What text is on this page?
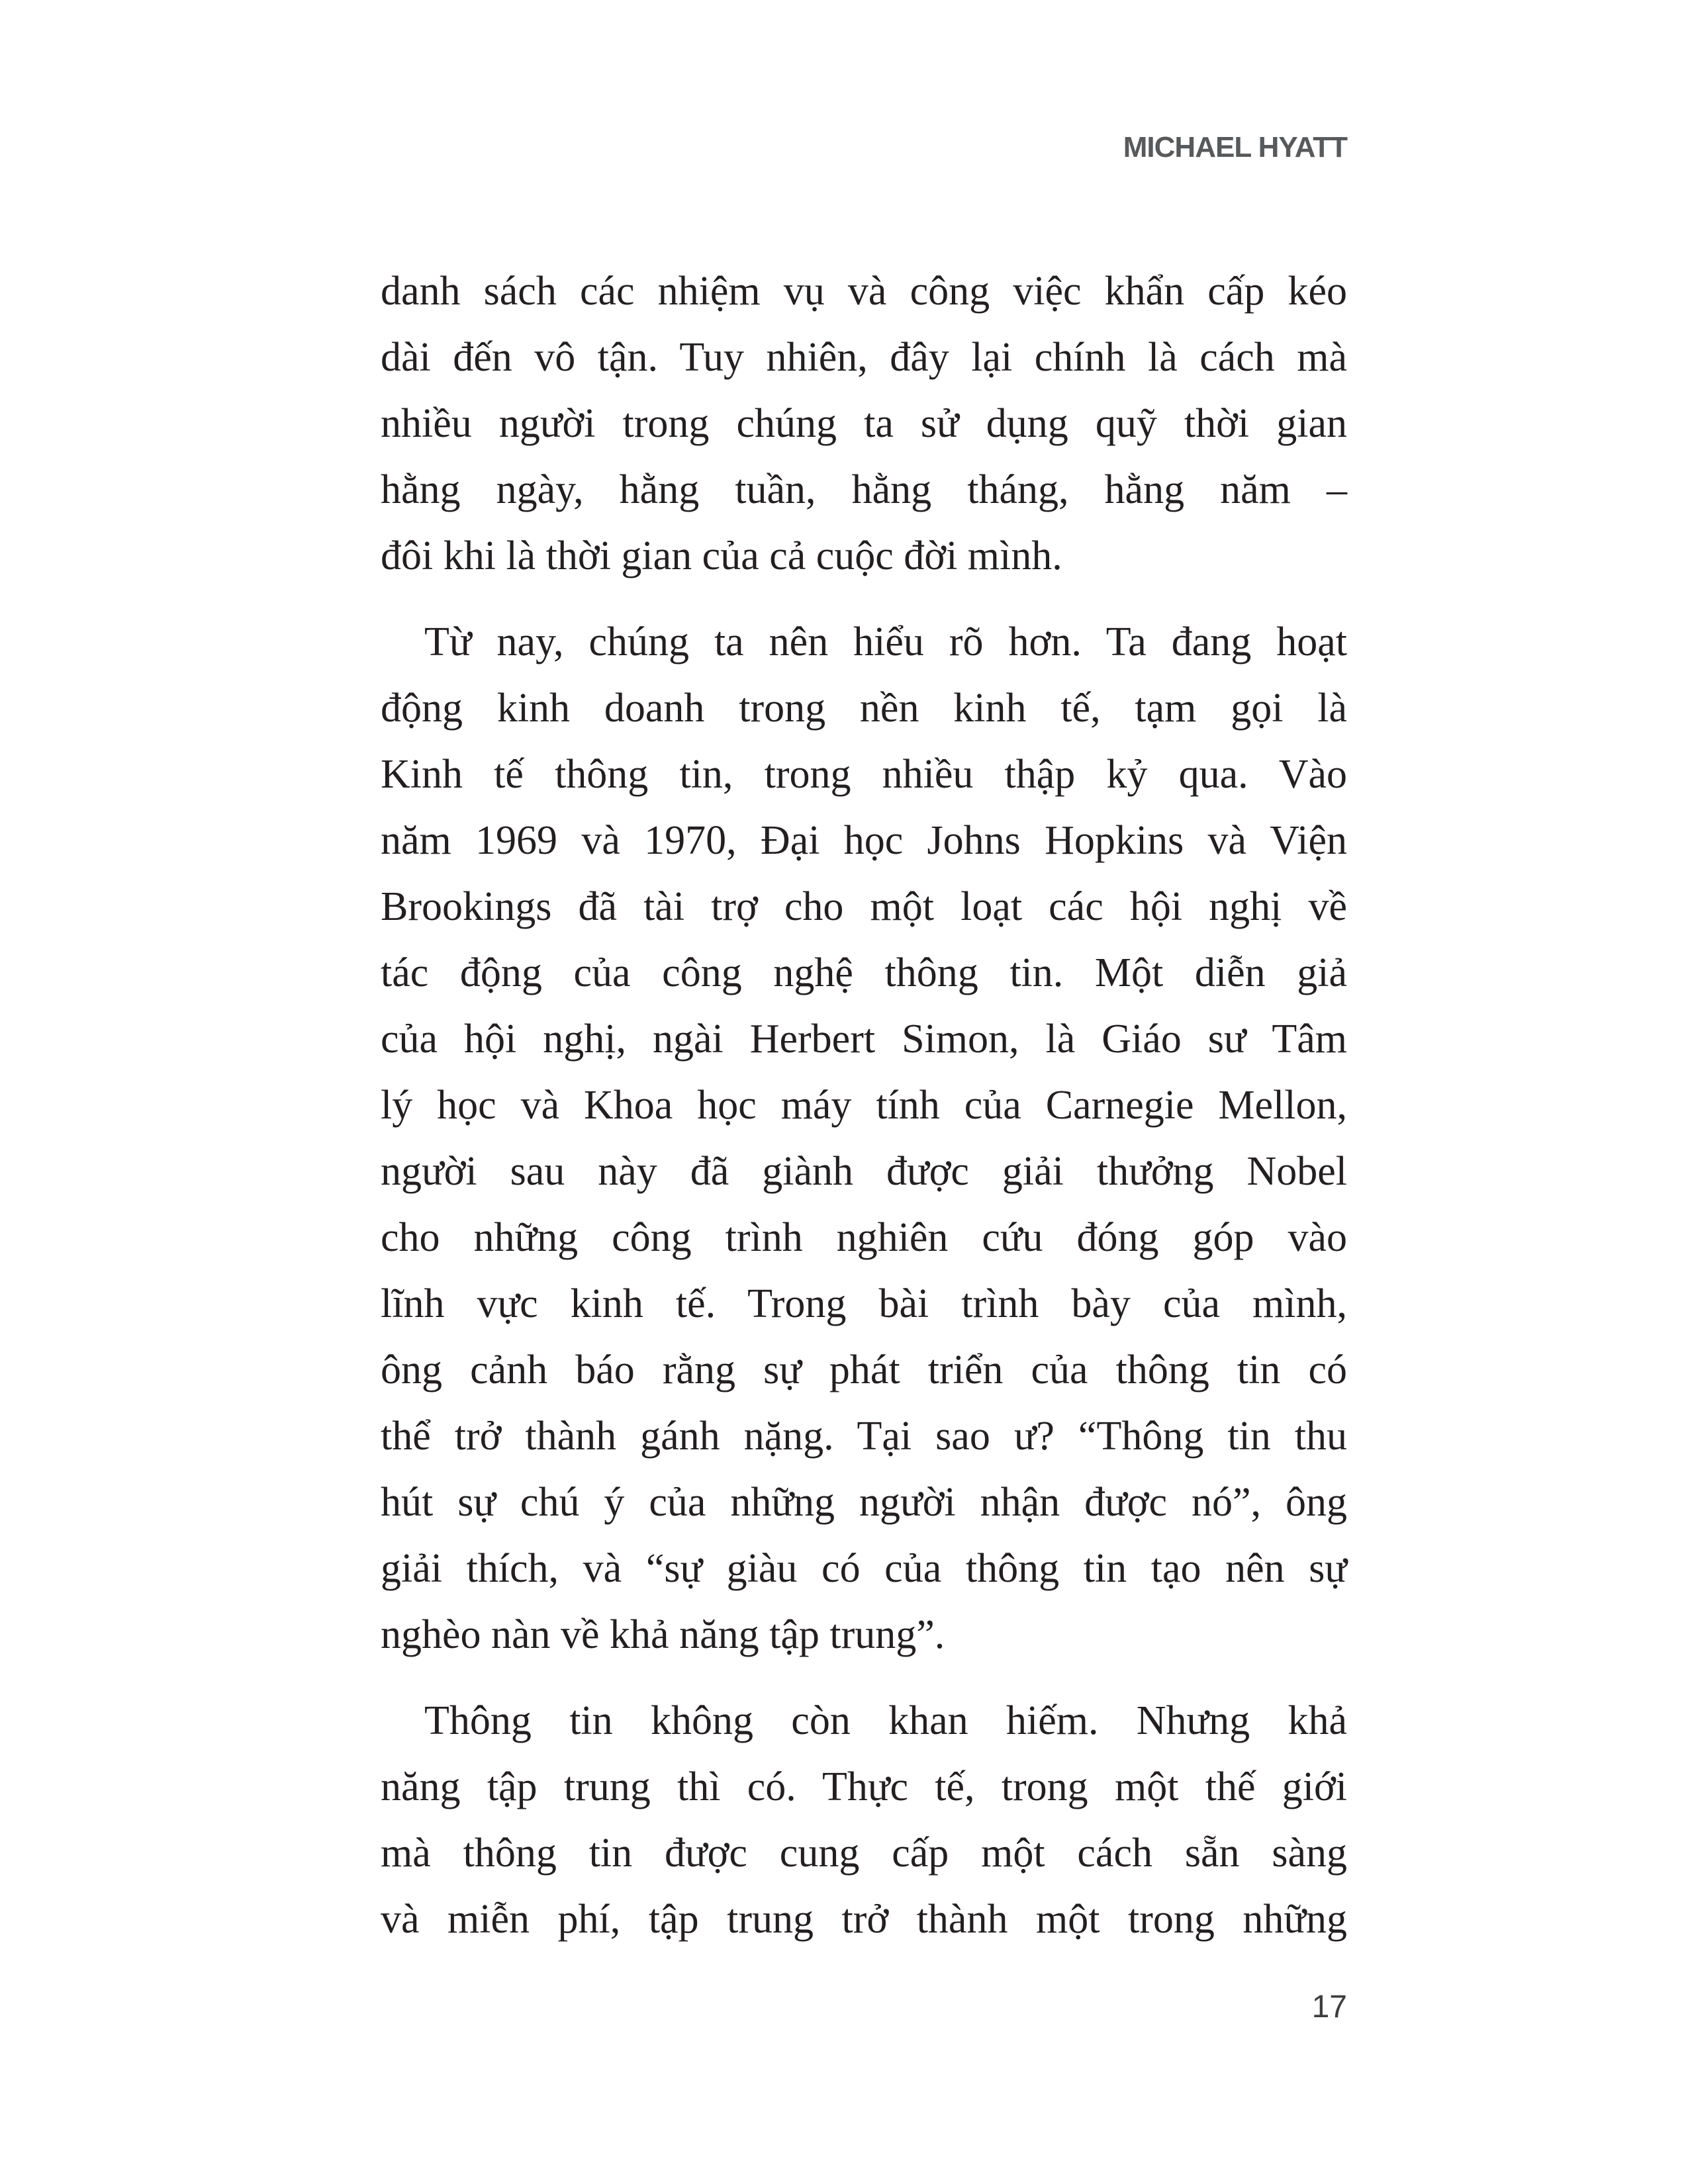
MICHAEL HYATT
danh sách các nhiệm vụ và công việc khẩn cấp kéo
dài đến vô tận. Tuy nhiên, đây lại chính là cách mà
nhiều người trong chúng ta sử dụng quỹ thời gian
hằng ngày, hằng tuần, hằng tháng, hằng năm –
đôi khi là thời gian của cả cuộc đời mình.
Từ nay, chúng ta nên hiểu rõ hơn. Ta đang hoạt
động kinh doanh trong nền kinh tế, tạm gọi là
Kinh tế thông tin, trong nhiều thập kỷ qua. Vào
năm 1969 và 1970, Đại học Johns Hopkins và Viện
Brookings đã tài trợ cho một loạt các hội nghị về
tác động của công nghệ thông tin. Một diễn giả
của hội nghị, ngài Herbert Simon, là Giáo sư Tâm
lý học và Khoa học máy tính của Carnegie Mellon,
người sau này đã giành được giải thưởng Nobel
cho những công trình nghiên cứu đóng góp vào
lĩnh vực kinh tế. Trong bài trình bày của mình,
ông cảnh báo rằng sự phát triển của thông tin có
thể trở thành gánh nặng. Tại sao ư? “Thông tin thu
hút sự chú ý của những người nhận được nó”, ông
giải thích, và “sự giàu có của thông tin tạo nên sự
nghèo nàn về khả năng tập trung”.
Thông tin không còn khan hiếm. Nhưng khả
năng tập trung thì có. Thực tế, trong một thế giới
mà thông tin được cung cấp một cách sẵn sàng
và miễn phí, tập trung trở thành một trong những
17
